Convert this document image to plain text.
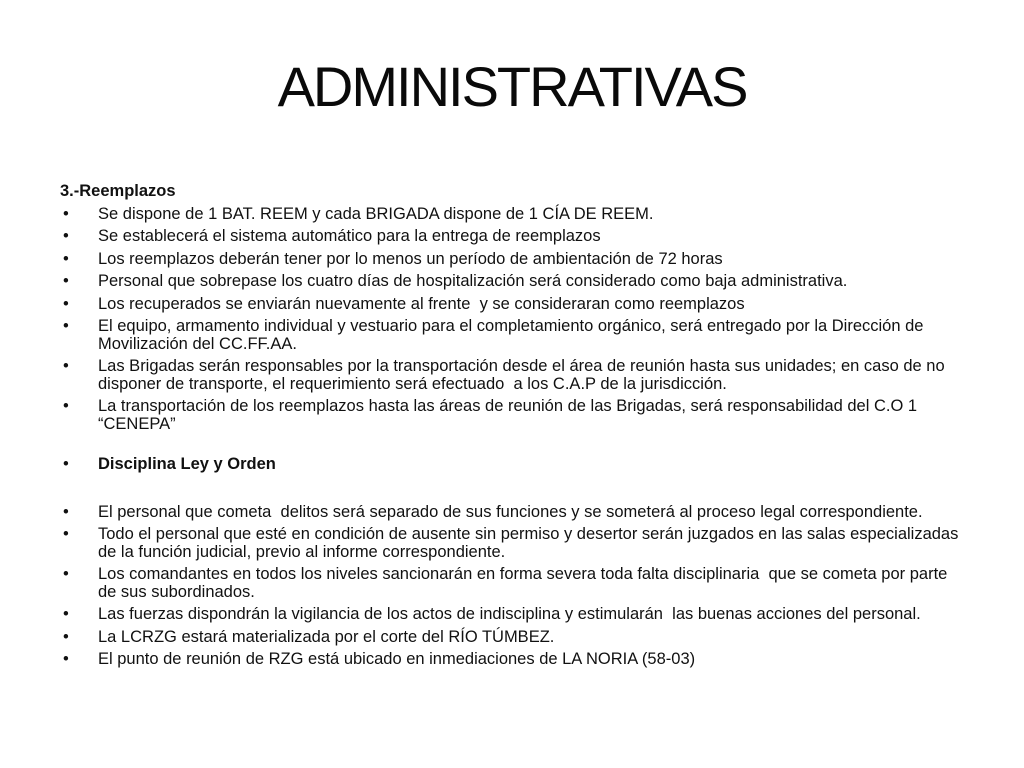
ADMINISTRATIVAS
3.-Reemplazos
•	Se dispone de 1 BAT. REEM y cada BRIGADA dispone de 1 CÍA DE REEM.
•	Se establecerá el sistema automático para la entrega de reemplazos
•	Los reemplazos deberán tener por lo menos un período de ambientación de 72 horas
•	Personal que sobrepase los cuatro días de hospitalización será considerado como baja administrativa.
•	Los recuperados se enviarán nuevamente al frente  y se consideraran como reemplazos
•	El equipo, armamento individual y vestuario para el completamiento orgánico, será entregado por la Dirección de Movilización del CC.FF.AA.
•	Las Brigadas serán responsables por la transportación desde el área de reunión hasta sus unidades; en caso de no disponer de transporte, el requerimiento será efectuado  a los C.A.P de la jurisdicción.
•	La transportación de los reemplazos hasta las áreas de reunión de las Brigadas, será responsabilidad del C.O 1 “CENEPA”
•	Disciplina Ley y Orden
•	El personal que cometa  delitos será separado de sus funciones y se someterá al proceso legal correspondiente.
•	Todo el personal que esté en condición de ausente sin permiso y desertor serán juzgados en las salas especializadas de la función judicial, previo al informe correspondiente.
•	Los comandantes en todos los niveles sancionarán en forma severa toda falta disciplinaria  que se cometa por parte de sus subordinados.
•	Las fuerzas dispondrán la vigilancia de los actos de indisciplina y estimularán  las buenas acciones del personal.
•	La LCRZG estará materializada por el corte del RÍO TÚMBEZ.
•	El punto de reunión de RZG está ubicado en inmediaciones de LA NORIA (58-03)
